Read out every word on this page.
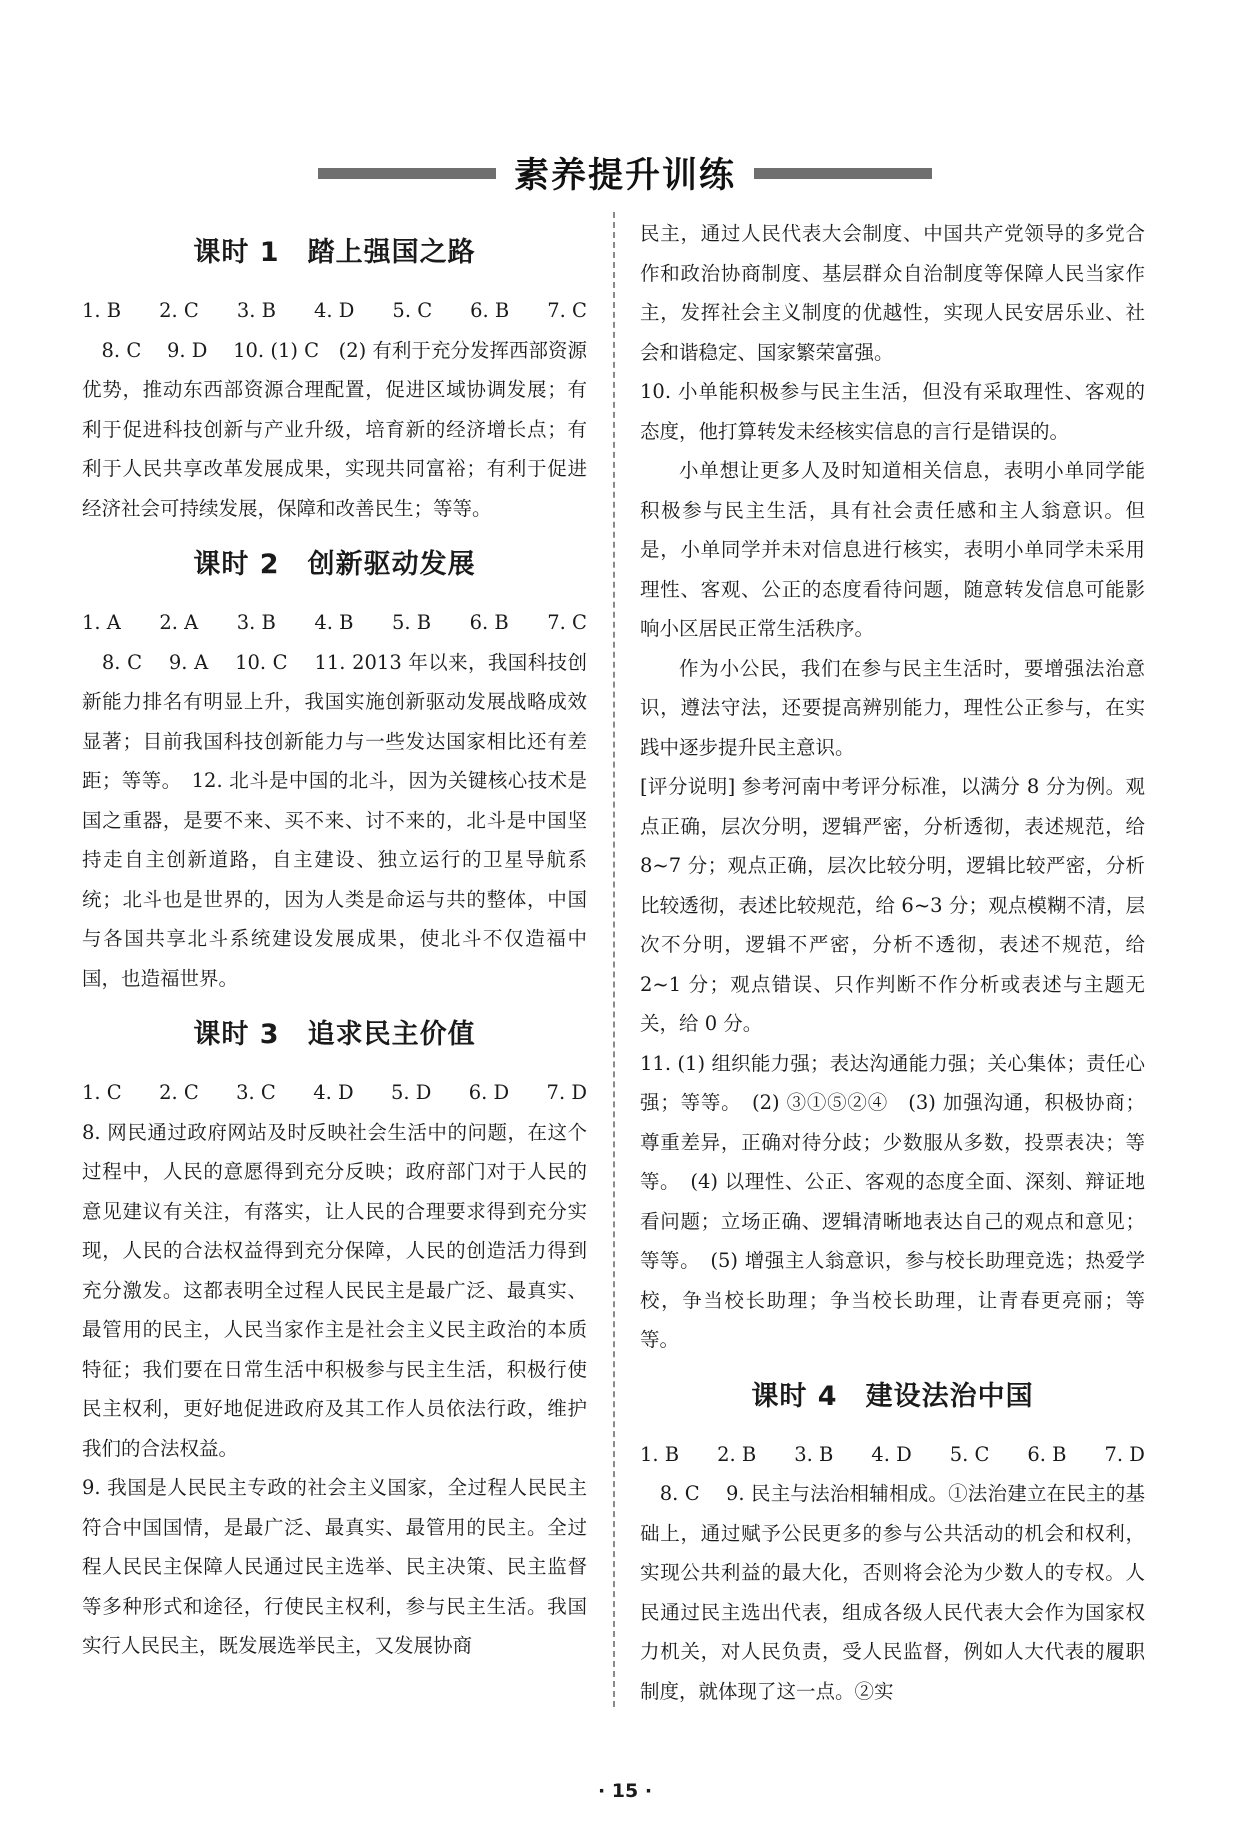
素养提升训练
课时 1　踏上强国之路
1. B 2. C 3. B 4. D 5. C 6. B 7. C

　8. C　 9. D　 10. (1) C　(2) 有利于充分发挥西部资源优势，推动东西部资源合理配置，促进区域协调发展；有利于促进科技创新与产业升级，培育新的经济增长点；有利于人民共享改革发展成果，实现共同富裕；有利于促进经济社会可持续发展，保障和改善民生；等等。

课时 2　创新驱动发展
1. A 2. A 3. B 4. B 5. B 6. B 7. C

　8. C　 9. A　 10. C　 11. 2013 年以来，我国科技创新能力排名有明显上升，我国实施创新驱动发展战略成效显著；目前我国科技创新能力与一些发达国家相比还有差距；等等。　12. 北斗是中国的北斗，因为关键核心技术是国之重器，是要不来、买不来、讨不来的，北斗是中国坚持走自主创新道路，自主建设、独立运行的卫星导航系统；北斗也是世界的，因为人类是命运与共的整体，中国与各国共享北斗系统建设发展成果，使北斗不仅造福中国，也造福世界。

课时 3　追求民主价值
1. C 2. C 3. C 4. D 5. D 6. D 7. D

8. 网民通过政府网站及时反映社会生活中的问题，在这个过程中，人民的意愿得到充分反映；政府部门对于人民的意见建议有关注，有落实，让人民的合理要求得到充分实现，人民的合法权益得到充分保障，人民的创造活力得到充分激发。这都表明全过程人民民主是最广泛、最真实、最管用的民主，人民当家作主是社会主义民主政治的本质特征；我们要在日常生活中积极参与民主生活，积极行使民主权利，更好地促进政府及其工作人员依法行政，维护我们的合法权益。

9. 我国是人民民主专政的社会主义国家，全过程人民民主符合中国国情，是最广泛、最真实、最管用的民主。全过程人民民主保障人民通过民主选举、民主决策、民主监督等多种形式和途径，行使民主权利，参与民主生活。我国实行人民民主，既发展选举民主，又发展协商

民主，通过人民代表大会制度、中国共产党领导的多党合作和政治协商制度、基层群众自治制度等保障人民当家作主，发挥社会主义制度的优越性，实现人民安居乐业、社会和谐稳定、国家繁荣富强。

10. 小单能积极参与民主生活，但没有采取理性、客观的态度，他打算转发未经核实信息的言行是错误的。

小单想让更多人及时知道相关信息，表明小单同学能积极参与民主生活，具有社会责任感和主人翁意识。但是，小单同学并未对信息进行核实，表明小单同学未采用理性、客观、公正的态度看待问题，随意转发信息可能影响小区居民正常生活秩序。

作为小公民，我们在参与民主生活时，要增强法治意识，遵法守法，还要提高辨别能力，理性公正参与，在实践中逐步提升民主意识。

[评分说明] 参考河南中考评分标准，以满分 8 分为例。观点正确，层次分明，逻辑严密，分析透彻，表述规范，给 8~7 分；观点正确，层次比较分明，逻辑比较严密，分析比较透彻，表述比较规范，给 6~3 分；观点模糊不清，层次不分明，逻辑不严密，分析不透彻，表述不规范，给 2~1 分；观点错误、只作判断不作分析或表述与主题无关，给 0 分。

11. (1) 组织能力强；表达沟通能力强；关心集体；责任心强；等等。　(2) ③①⑤②④　(3) 加强沟通，积极协商；尊重差异，正确对待分歧；少数服从多数，投票表决；等等。　(4) 以理性、公正、客观的态度全面、深刻、辩证地看问题；立场正确、逻辑清晰地表达自己的观点和意见；等等。　(5) 增强主人翁意识，参与校长助理竞选；热爱学校，争当校长助理；争当校长助理，让青春更亮丽；等等。

课时 4　建设法治中国
1. B 2. B 3. B 4. D 5. C 6. B 7. D

　8. C　 9. 民主与法治相辅相成。①法治建立在民主的基础上，通过赋予公民更多的参与公共活动的机会和权利，实现公共利益的最大化，否则将会沦为少数人的专权。人民通过民主选出代表，组成各级人民代表大会作为国家权力机关，对人民负责，受人民监督，例如人大代表的履职制度，就体现了这一点。②实

· 15 ·
